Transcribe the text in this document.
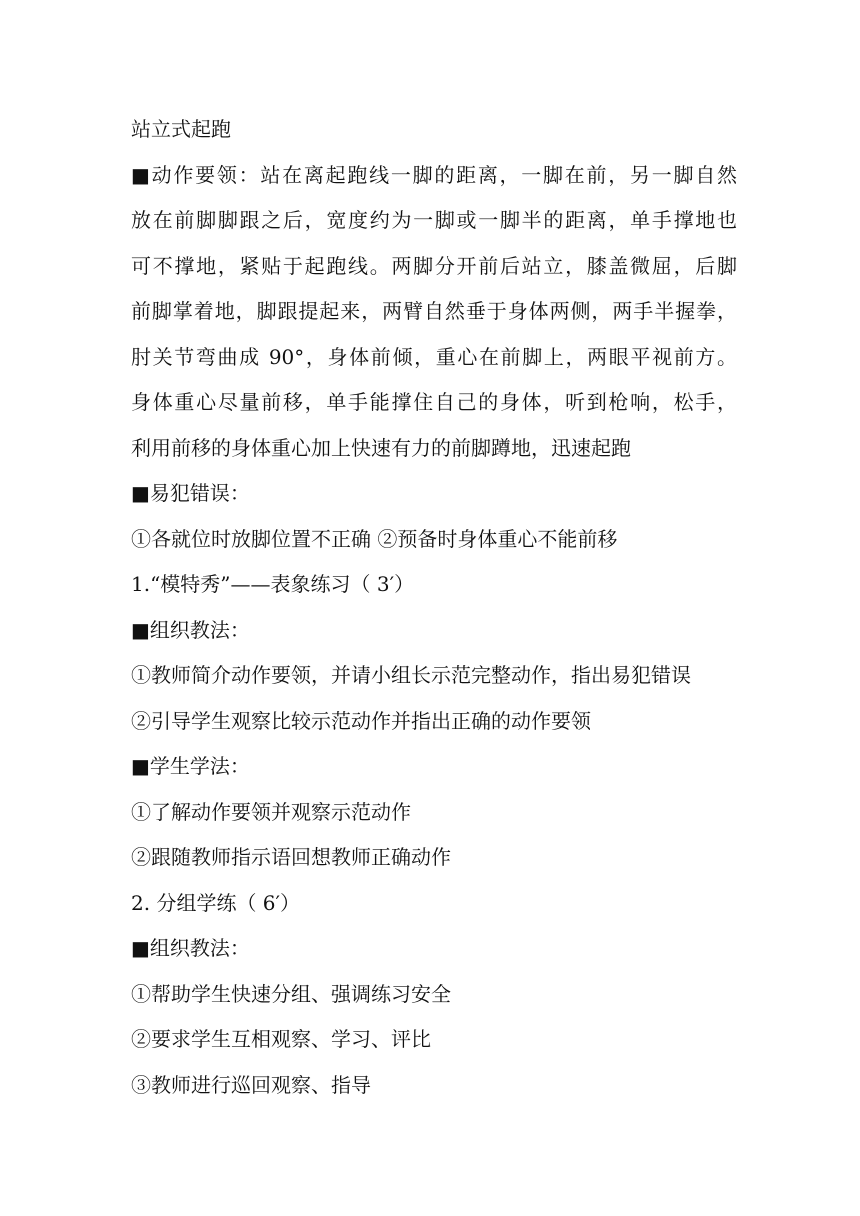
站立式起跑

■动作要领：站在离起跑线一脚的距离，一脚在前，另一脚自然

放在前脚脚跟之后，宽度约为一脚或一脚半的距离，单手撑地也

可不撑地，紧贴于起跑线。两脚分开前后站立，膝盖微屈，后脚

前脚掌着地，脚跟提起来，两臂自然垂于身体两侧，两手半握拳，

肘关节弯曲成 90°，身体前倾，重心在前脚上，两眼平视前方。

身体重心尽量前移，单手能撑住自己的身体，听到枪响，松手，

利用前移的身体重心加上快速有力的前脚蹲地，迅速起跑

■易犯错误：

①各就位时放脚位置不正确 ②预备时身体重心不能前移

1.“模特秀”——表象练习（ 3′）

■组织教法：

①教师简介动作要领，并请小组长示范完整动作，指出易犯错误

②引导学生观察比较示范动作并指出正确的动作要领

■学生学法：

①了解动作要领并观察示范动作

②跟随教师指示语回想教师正确动作

2. 分组学练（ 6′）

■组织教法：

①帮助学生快速分组、强调练习安全

②要求学生互相观察、学习、评比

③教师进行巡回观察、指导
